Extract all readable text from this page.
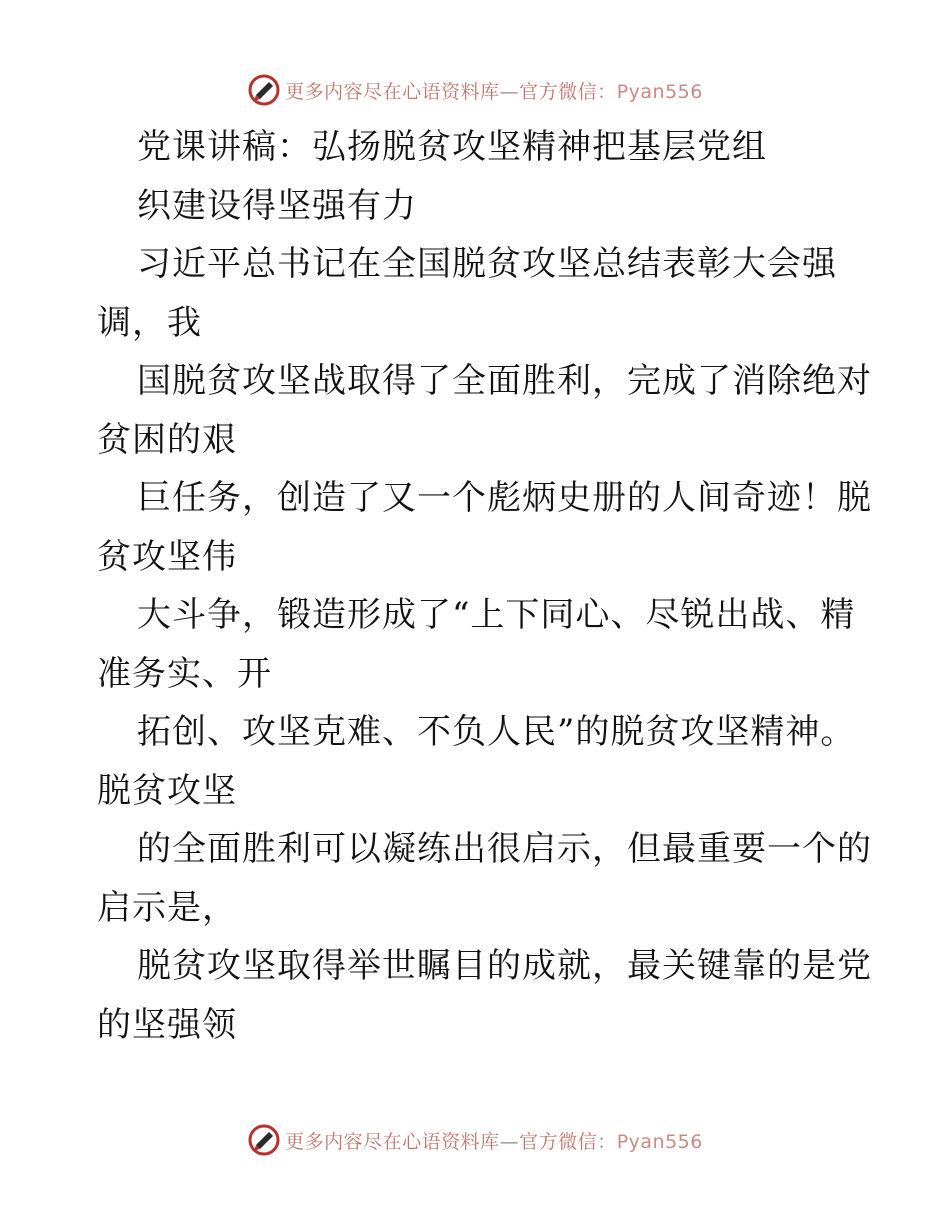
更多内容尽在心语资料库—官方微信：Pyan556
党课讲稿：弘扬脱贫攻坚精神把基层党组
织建设得坚强有力
习近平总书记在全国脱贫攻坚总结表彰大会强
调，我
国脱贫攻坚战取得了全面胜利，完成了消除绝对
贫困的艰
巨任务，创造了又一个彪炳史册的人间奇迹！脱
贫攻坚伟
大斗争，锻造形成了“上下同心、尽锐出战、精
准务实、开
拓创、攻坚克难、不负人民”的脱贫攻坚精神。
脱贫攻坚
的全面胜利可以凝练出很启示，但最重要一个的
启示是，
脱贫攻坚取得举世瞩目的成就，最关键靠的是党
的坚强领
更多内容尽在心语资料库—官方微信：Pyan556
